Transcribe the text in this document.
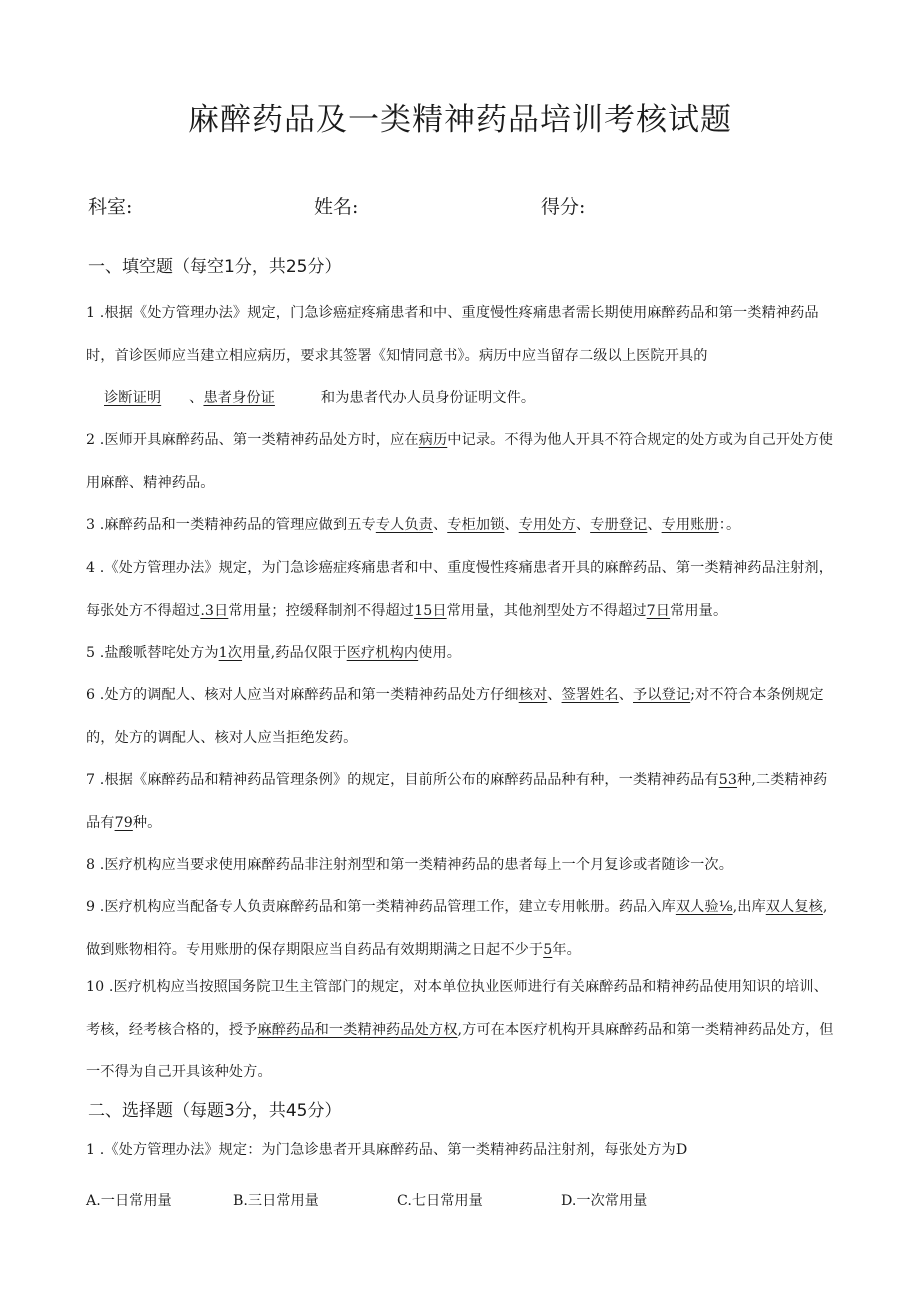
麻醉药品及一类精神药品培训考核试题
科室:	姓名:	得分:
一、填空题（每空1分，共25分）
1 .根据《处方管理办法》规定，门急诊癌症疼痛患者和中、重度慢性疼痛患者需长期使用麻醉药品和第一类精神药品时，首诊医师应当建立相应病历，要求其签署《知情同意书》。病历中应当留存二级以上医院开具的
诊断证明 、患者身份证	和为患者代办人员身份证明文件。
2 .医师开具麻醉药品、第一类精神药品处方时，应在病历中记录。不得为他人开具不符合规定的处方或为自己开处方使用麻醉、精神药品。
3 .麻醉药品和一类精神药品的管理应做到五专专人负责、专柜加锁、专用处方、专册登记、专用账册：。
4 .《处方管理办法》规定，为门急诊癌症疼痛患者和中、重度慢性疼痛患者开具的麻醉药品、第一类精神药品注射剂，每张处方不得超过.3日常用量；控缓释制剂不得超过15日常用量，其他剂型处方不得超过7日常用量。
5 .盐酸哌替咤处方为1次用量,药品仅限于医疗机构内使用。
6 .处方的调配人、核对人应当对麻醉药品和第一类精神药品处方仔细核对、签署姓名、予以登记;对不符合本条例规定的，处方的调配人、核对人应当拒绝发药。
7 .根据《麻醉药品和精神药品管理条例》的规定，目前所公布的麻醉药品品种有种，一类精神药品有53种,二类精神药品有79种。
8 .医疗机构应当要求使用麻醉药品非注射剂型和第一类精神药品的患者每上一个月复诊或者随诊一次。
9 .医疗机构应当配备专人负责麻醉药品和第一类精神药品管理工作，建立专用帐册。药品入库双人验⅛,出库双人复核,做到账物相符。专用账册的保存期限应当自药品有效期期满之日起不少于5年。
10 .医疗机构应当按照国务院卫生主管部门的规定，对本单位执业医师进行有关麻醉药品和精神药品使用知识的培训、考核，经考核合格的，授予麻醉药品和一类精神药品处方权,方可在本医疗机构开具麻醉药品和第一类精神药品处方，但一不得为自己开具该种处方。
二、选择题（每题3分，共45分）
1 .《处方管理办法》规定：为门急诊患者开具麻醉药品、第一类精神药品注射剂，每张处方为D
A.一日常用量	B.三日常用量	C.七日常用量	D.一次常用量
